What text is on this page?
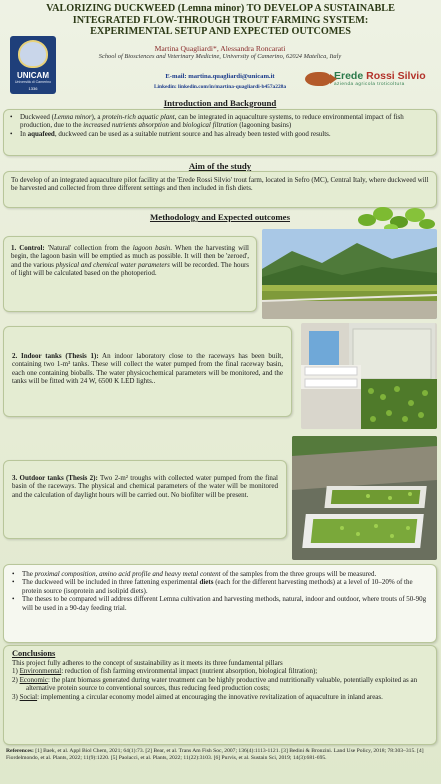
VALORIZING DUCKWEED (Lemna minor) TO DEVELOP A SUSTAINABLE
INTEGRATED FLOW-THROUGH TROUT FARMING SYSTEM:
EXPERIMENTAL SETUP AND EXPECTED OUTCOMES
UNICAM
Università di Camerino
1336
Martina Quagliardi*, Alessandra Roncarati
School of Biosciences and Veterinary Medicine, University of Camerino, 62024 Matelica, Italy
E-mail: martina.quagliardi@unicam.it
Linkedin: linkedin.com/in/martina-quagliardi-b457a228a
Erede Rossi Silvio
azienda agricola troticoltura
Introduction and Background
• Duckweed (Lemna minor), a protein-rich aquatic plant, can be integrated in aquaculture systems, to reduce environmental impact of fish production, due to the increased nutrients absorption and biological filtration (lagooning basins)
• In aquafeed, duckweed can be used as a suitable nutrient source and has already been tested with good results.
Aim of the study
To develop of an integrated aquaculture pilot facility at the 'Erede Rossi Silvio' trout farm, located in Sefro (MC), Central Italy, where duckweed will be harvested and collected from three different settings and then included in fish diets.
Methodology and Expected outcomes
1. Control: 'Natural' collection from the lagoon basin. When the harvesting will begin, the lagoon basin will be emptied as much as possible. It will then be 'zeroed', and the various physical and chemical water parameters will be recorded. The hours of light will be calculated based on the photoperiod.
2. Indoor tanks (Thesis 1): An indoor laboratory close to the raceways has been built, containing two 1-m³ tanks. These will collect the water pumped from the final raceway basin, each one containing bioballs. The water physicochemical parameters will be monitored, and the tanks will be fitted with 24 W, 6500 K LED lights..
3. Outdoor tanks (Thesis 2): Two 2-m² troughs with collected water pumped from the final basin of the raceways. The physical and chemical parameters of the water will be monitored and the calculation of daylight hours will be carried out. No biofilter will be present.
• The proximal composition, amino acid profile and heavy metal content of the samples from the three groups will be measured.
• The duckweed will be included in three fattening experimental diets (each for the different harvesting methods) at a level of 10–20% of the protein source (isoprotein and isolipid diets).
• The theses to be compared will address different Lemna cultivation and harvesting methods, natural, indoor and outdoor, where trouts of 50-90g will be used in a 90-day feeding trial.
Conclusions

This project fully adheres to the concept of sustainability as it meets its three fundamental pillars

1) Environmental: reduction of fish farming environmental impact (nutrient absorption, biological filtration);

2) Economic: the plant biomass generated during water treatment can be highly productive and nutritionally valuable, potentially exploited as an alternative protein source to conventional sources, thus reducing feed production costs;

3) Social: implementing a circular economy model aimed at encouraging the innovative revitalization of aquaculture in inland areas.

References: [1] Baek, et al. Appl Biol Chem, 2021; 64(1):73. [2] Bear, et al. Trans Am Fish Soc, 2007; 136(4):1113-1121. [3] Bedini & Bronzini. Land Use Policy, 2018; 78:303–315. [4] Fiordelmondo, et al. Plants, 2022; 11(9):1220. [5] Paolacci, et al. Plants, 2022; 11(22):3103. [6] Purvis, et al. Sustain Sci, 2019; 14(3):681-695.
